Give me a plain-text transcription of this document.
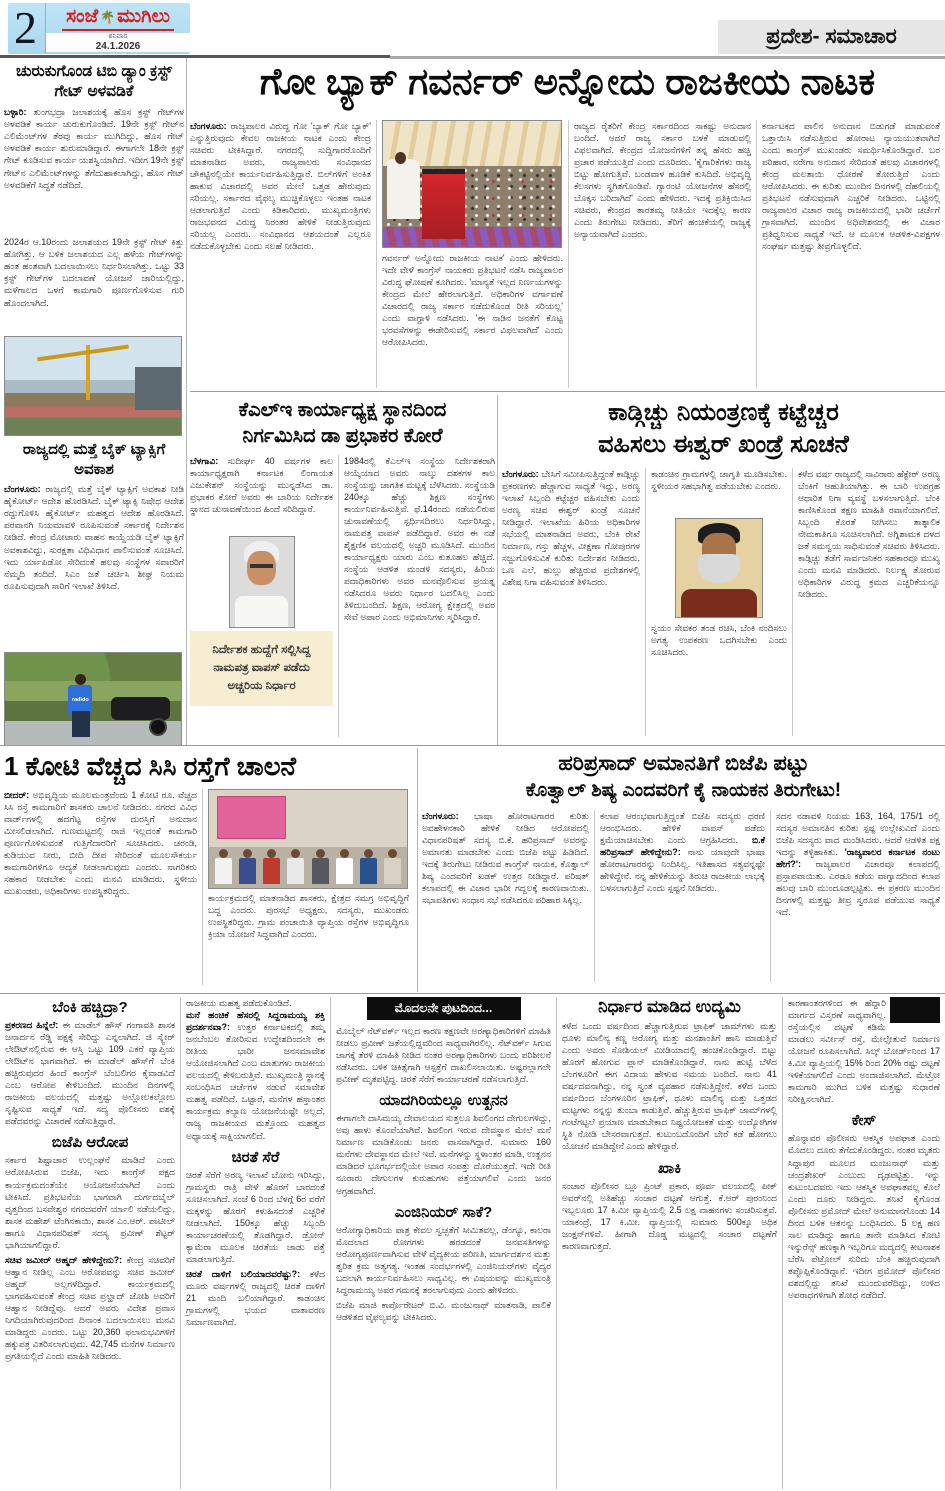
2	ಸಂಜೆ 🌴 ಮುಗಿಲು
ಶನಿವಾರ
24.1.2026	ಪ್ರದೇಶ- ಸಮಾಚಾರ
ಚುರುಕುಗೊಂಡ ಟಿಬಿ ಡ್ಯಾಂ ಕ್ರಸ್ಟ್ ಗೇಟ್ ಅಳವಡಿಕೆ
ಬಳ್ಳಾರಿ: ತುಂಗಭದ್ರಾ ಜಲಾಶಯಕ್ಕೆ ಹೊಸ ಕ್ರಸ್ಟ್ ಗೇಟ್‌ಗಳ ಅಳವಡಿಕೆ ಕಾರ್ಯ ಚುರುಕುಗೊಂಡಿದೆ. 19ನೇ ಕ್ರಸ್ಟ್ ಗೇಟ್‌ನ ಎಲಿಮೆಂಟ್‌ಗಳ ತೆರವು ಕಾರ್ಯ ಮುಗಿದಿದ್ದು, ಹೊಸ ಗೇಟ್ ಅಳವಡಿಕೆ ಕಾರ್ಯ ಶುರುಮಾಡಿದ್ದಾರೆ. ಈಗಾಗಲೇ 18ನೇ ಕ್ರಸ್ಟ್ ಗೇಟ್ ಕೂಡಿಸುವ ಕಾರ್ಯ ಯಶಸ್ವಿಯಾಗಿದೆ. ಇದೀಗ 19ನೇ ಕ್ರಸ್ಟ್ ಗೇಟ್‌ನ ಎಲಿಮೆಂಟ್‌ಗಳನ್ನು ತೆಗೆದುಹಾಕಲಾಗಿದ್ದು, ಹೊಸ ಗೇಟ್ ಅಳವಡಿಕೆಗೆ ಸಿದ್ಧತೆ ನಡೆದಿದೆ.
2024ರ ಆ.10ರಂದು ಜಲಾಶಯದ 19ನೇ ಕ್ರಸ್ಟ್ ಗೇಟ್ ಕಿತ್ತು ಹೋಗಿತ್ತು. ಆ ಬಳಿಕ ಜಲಾಶಯದ ಎಲ್ಲ ಹಳೆಯ ಗೇಟ್‌ಗಳನ್ನು ಹಂತ ಹಂತವಾಗಿ ಬದಲಾಯಿಸಲು ನಿರ್ಧರಿಸಲಾಗಿತ್ತು. ಒಟ್ಟು 33 ಕ್ರಸ್ಟ್ ಗೇಟ್‌ಗಳ ಬದಲಾವಣೆ ಯೋಜನೆ ಜಾರಿಯಲ್ಲಿದ್ದು, ಮಳೆಗಾಲದ ಒಳಗೆ ಕಾಮಗಾರಿ ಪೂರ್ಣಗೊಳಿಸುವ ಗುರಿ ಹೊಂದಲಾಗಿದೆ.
ರಾಜ್ಯದಲ್ಲಿ ಮತ್ತೆ ಬೈಕ್ ಟ್ಯಾಕ್ಸಿಗೆ ಅವಕಾಶ
ಬೆಂಗಳೂರು: ರಾಜ್ಯದಲ್ಲಿ ಮತ್ತೆ ಬೈಕ್ ಟ್ಯಾಕ್ಸಿಗೆ ಅವಕಾಶ ನೀಡಿ ಹೈಕೋರ್ಟ್ ಆದೇಶ ಹೊರಡಿಸಿದೆ. ಬೈಕ್ ಟ್ಯಾಕ್ಸಿ ನಿಷೇಧ ಆದೇಶ ರದ್ದುಗೊಳಿಸಿ ಹೈಕೋರ್ಟ್ ಮಹತ್ವದ ಆದೇಶ ಹೊರಡಿಸಿದೆ. ಪರವಾನಗಿ ನಿಯಮಾವಳಿ ರೂಪಿಸುವಂತೆ ಸರ್ಕಾರಕ್ಕೆ ನಿರ್ದೇಶನ ನೀಡಿದೆ. ಕೇಂದ್ರ ಮೋಟಾರು ವಾಹನ ಕಾಯ್ದೆಯಡಿ ಬೈಕ್ ಟ್ಯಾಕ್ಸಿಗೆ ಅವಕಾಶವಿದ್ದು, ಸುರಕ್ಷತಾ ವಿಧಿವಿಧಾನ ಪಾಲಿಸುವಂತೆ ಸೂಚಿಸಿದೆ. ಇದು ರ್ಯಾಪಿಡೋ ಸೇರಿದಂತೆ ಹಲವು ಸಂಸ್ಥೆಗಳ ಸವಾರರಿಗೆ ನೆಮ್ಮದಿ ತಂದಿದೆ. ಸಿಎಂ ಜತೆ ಚರ್ಚಿಸಿ ಶೀಘ್ರ ನಿಯಮ ರೂಪಿಸುವುದಾಗಿ ಸಾರಿಗೆ ಇಲಾಖೆ ತಿಳಿಸಿದೆ.
radido
ಗೋ ಬ್ಯಾಕ್ ಗವರ್ನರ್ ಅನ್ನೋದು ರಾಜಕೀಯ ನಾಟಕ
ಬೆಂಗಳೂರು: ರಾಜ್ಯಪಾಲರ ವಿರುದ್ಧ ಗೋ 'ಬ್ಯಾಕ್ ಗೋ ಬ್ಯಾಕ್' ಎನ್ನುತ್ತಿರುವುದು ಕೇವಲ ರಾಜಕೀಯ ನಾಟಕ ಎಂದು ಕೇಂದ್ರ ಸಚಿವರು ಟೀಕಿಸಿದ್ದಾರೆ. ನಗರದಲ್ಲಿ ಸುದ್ದಿಗಾರರೊಂದಿಗೆ ಮಾತನಾಡಿದ ಅವರು, ರಾಜ್ಯಪಾಲರು ಸಂವಿಧಾನದ ಚೌಕಟ್ಟಿನಲ್ಲಿಯೇ ಕಾರ್ಯನಿರ್ವಹಿಸುತ್ತಿದ್ದಾರೆ. ಬಿಲ್‌ಗಳಿಗೆ ಅಂಕಿತ ಹಾಕುವ ವಿಚಾರದಲ್ಲಿ ಅವರ ಮೇಲೆ ಒತ್ತಡ ಹೇರುವುದು ಸರಿಯಲ್ಲ. ಸರ್ಕಾರದ ವೈಫಲ್ಯ ಮುಚ್ಚಿಕೊಳ್ಳಲು ಇಂತಹ ನಾಟಕ ಆಡಲಾಗುತ್ತಿದೆ ಎಂದು ಕಿಡಿಕಾರಿದರು. ಮುಖ್ಯಮಂತ್ರಿಗಳು ರಾಜಭವನದ ವಿರುದ್ಧ ನಿರಂತರ ಹೇಳಿಕೆ ನೀಡುತ್ತಿರುವುದು ಸರಿಯಲ್ಲ ಎಂದರು. ಸಂವಿಧಾನದ ಆಶಯದಂತೆ ಎಲ್ಲರೂ ನಡೆದುಕೊಳ್ಳಬೇಕು ಎಂದು ಸಲಹೆ ನೀಡಿದರು.
ಗವರ್ನರ್ ಅನ್ನೋದು ರಾಜಕೀಯ ನಾಟಕ' ಎಂದು ಹೇಳಿದರು. ಇದೇ ವೇಳೆ ಕಾಂಗ್ರೆಸ್ ನಾಯಕರು ಪ್ರತಿಭಟನೆ ನಡೆಸಿ ರಾಜ್ಯಪಾಲರ ವಿರುದ್ಧ ಘೋಷಣೆ ಕೂಗಿದರು. 'ಮಾನ್ಯತೆ ಇಲ್ಲದ ನಿರ್ಣಯಗಳನ್ನು ಕೇಂದ್ರದ ಮೇಲೆ ಹೇರಲಾಗುತ್ತಿದೆ. ಅಧಿಕಾರಿಗಳ ವರ್ಗಾವಣೆ ವಿಚಾರದಲ್ಲಿ ರಾಜ್ಯ ಸರ್ಕಾರ ನಡೆದುಕೊಂಡ ರೀತಿ ಸರಿಯಲ್ಲ' ಎಂದು ವಾಗ್ದಾಳಿ ನಡೆಸಿದರು. 'ಈ ನಾಡಿನ ಜನತೆಗೆ ಕೊಟ್ಟ ಭರವಸೆಗಳನ್ನು ಈಡೇರಿಸುವಲ್ಲಿ ಸರ್ಕಾರ ವಿಫಲವಾಗಿದೆ' ಎಂದು ಆರೋಪಿಸಿದರು.
ರಾಜ್ಯದ ರೈತರಿಗೆ ಕೇಂದ್ರ ಸರ್ಕಾರದಿಂದ ಸಾಕಷ್ಟು ಅನುದಾನ ಬಂದಿದೆ. ಆದರೆ ರಾಜ್ಯ ಸರ್ಕಾರ ಬಳಕೆ ಮಾಡುವಲ್ಲಿ ವಿಫಲವಾಗಿದೆ. ಕೇಂದ್ರದ ಯೋಜನೆಗಳಿಗೆ ತನ್ನ ಹೆಸರು ಹಚ್ಚಿ ಪ್ರಚಾರ ಪಡೆಯುತ್ತಿದೆ ಎಂದು ದೂರಿದರು. 'ಕೈಗಾರಿಕೆಗಳು ರಾಜ್ಯ ಬಿಟ್ಟು ಹೋಗುತ್ತಿವೆ. ಬಂಡವಾಳ ಹೂಡಿಕೆ ಕುಸಿದಿದೆ. ಅಭಿವೃದ್ಧಿ ಕೆಲಸಗಳು ಸ್ಥಗಿತಗೊಂಡಿವೆ. ಗ್ಯಾರಂಟಿ ಯೋಜನೆಗಳ ಹೆಸರಲ್ಲಿ ಬೊಕ್ಕಸ ಬರಿದಾಗಿದೆ' ಎಂದು ಹೇಳಿದರು. ಇದಕ್ಕೆ ಪ್ರತಿಕ್ರಿಯಿಸಿದ ಸಚಿವರು, ಕೇಂದ್ರದ ತಾರತಮ್ಯ ನೀತಿಯೇ ಇದಕ್ಕೆಲ್ಲ ಕಾರಣ ಎಂದು ತಿರುಗೇಟು ನೀಡಿದರು. ತೆರಿಗೆ ಹಂಚಿಕೆಯಲ್ಲಿ ರಾಜ್ಯಕ್ಕೆ ಅನ್ಯಾಯವಾಗಿದೆ ಎಂದರು.
ಕರ್ನಾಟಕದ ಪಾಲಿನ ಅನುದಾನ ಬಿಡುಗಡೆ ಮಾಡುವಂತೆ ಒತ್ತಾಯಿಸಿ ನಡೆಸುತ್ತಿರುವ ಹೋರಾಟ ನ್ಯಾಯಯುತವಾಗಿದೆ ಎಂದು ಕಾಂಗ್ರೆಸ್ ಮುಖಂಡರು ಸಮರ್ಥಿಸಿಕೊಂಡಿದ್ದಾರೆ. ಬರ ಪರಿಹಾರ, ನರೇಗಾ ಅನುದಾನ ಸೇರಿದಂತೆ ಹಲವು ವಿಚಾರಗಳಲ್ಲಿ ಕೇಂದ್ರ ಮಲತಾಯಿ ಧೋರಣೆ ತೋರುತ್ತಿದೆ ಎಂದು ಆರೋಪಿಸಿದರು. ಈ ಕುರಿತು ಮುಂದಿನ ದಿನಗಳಲ್ಲಿ ದೆಹಲಿಯಲ್ಲಿ ಪ್ರತಿಭಟನೆ ನಡೆಸುವುದಾಗಿ ಎಚ್ಚರಿಕೆ ನೀಡಿದರು. ಒಟ್ಟಿನಲ್ಲಿ ರಾಜ್ಯಪಾಲರ ವಿಚಾರ ರಾಜ್ಯ ರಾಜಕೀಯದಲ್ಲಿ ಭಾರೀ ಚರ್ಚೆಗೆ ಗ್ರಾಸವಾಗಿದೆ. ಮುಂದಿನ ಅಧಿವೇಶನದಲ್ಲಿ ಈ ವಿಚಾರ ಪ್ರತಿಧ್ವನಿಸುವ ಸಾಧ್ಯತೆ ಇದೆ. ಆ ಮೂಲಕ ಆಡಳಿತ-ವಿಪಕ್ಷಗಳ ಸಂಘರ್ಷ ಮತ್ತಷ್ಟು ತೀವ್ರಗೊಳ್ಳಲಿದೆ.
ಕೆಎಲ್ಇ ಕಾರ್ಯಾಧ್ಯಕ್ಷ ಸ್ಥಾನದಿಂದ
ನಿರ್ಗಮಿಸಿದ ಡಾ ಪ್ರಭಾಕರ ಕೋರೆ
ಬೆಳಗಾವಿ: ಸುದೀರ್ಘ 40 ವರ್ಷಗಳ ಕಾಲ ಕಾರ್ಯಾಧ್ಯಕ್ಷರಾಗಿ ಕರ್ನಾಟಕ ಲಿಂಗಾಯತ ಎಜುಕೇಶನ್ ಸಂಸ್ಥೆಯನ್ನು ಮುನ್ನಡೆಸಿದ ಡಾ. ಪ್ರಭಾಕರ ಕೋರೆ ಅವರು ಈ ಬಾರಿಯ ನಿರ್ದೇಶಕ ಸ್ಥಾನದ ಚುನಾವಣೆಯಿಂದ ಹಿಂದೆ ಸರಿದಿದ್ದಾರೆ.
ನಿರ್ದೇಶಕ ಹುದ್ದೆಗೆ ಸಲ್ಲಿಸಿದ್ದ ನಾಮಪತ್ರ ವಾಪಸ್ ಪಡೆದು ಅಚ್ಚರಿಯ ನಿರ್ಧಾರ
1984ರಲ್ಲಿ ಕೆಎಲ್ಇ ಸಂಸ್ಥೆಯ ನಿರ್ದೇಶಕರಾಗಿ ಆಯ್ಕೆಯಾದ ಅವರು ನಾಲ್ಕು ದಶಕಗಳ ಕಾಲ ಸಂಸ್ಥೆಯನ್ನು ಜಾಗತಿಕ ಮಟ್ಟಕ್ಕೆ ಬೆಳೆಸಿದರು. ಸಂಸ್ಥೆಯಡಿ 240ಕ್ಕೂ ಹೆಚ್ಚು ಶಿಕ್ಷಣ ಸಂಸ್ಥೆಗಳು ಕಾರ್ಯನಿರ್ವಹಿಸುತ್ತಿವೆ. ಫೆ.14ರಂದು ನಡೆಯಲಿರುವ ಚುನಾವಣೆಯಲ್ಲಿ ಸ್ಪರ್ಧಿಸದಿರಲು ನಿರ್ಧರಿಸಿದ್ದು, ನಾಮಪತ್ರ ವಾಪಸ್ ಪಡೆದಿದ್ದಾರೆ. ಅವರ ಈ ನಡೆ ಶೈಕ್ಷಣಿಕ ವಲಯದಲ್ಲಿ ಅಚ್ಚರಿ ಮೂಡಿಸಿದೆ. ಮುಂದಿನ ಕಾರ್ಯಾಧ್ಯಕ್ಷರು ಯಾರು ಎಂಬ ಕುತೂಹಲ ಹೆಚ್ಚಿದೆ. ಸಂಸ್ಥೆಯ ಆಡಳಿತ ಮಂಡಳಿ ಸದಸ್ಯರು, ಹಿರಿಯ ಪದಾಧಿಕಾರಿಗಳು ಅವರ ಮನವೊಲಿಸುವ ಪ್ರಯತ್ನ ನಡೆಸಿದರೂ ಅವರು ನಿರ್ಧಾರ ಬದಲಿಸಿಲ್ಲ ಎಂದು ತಿಳಿದುಬಂದಿದೆ. ಶಿಕ್ಷಣ, ಆರೋಗ್ಯ ಕ್ಷೇತ್ರದಲ್ಲಿ ಅವರ ಸೇವೆ ಅಪಾರ ಎಂದು ಅಭಿಮಾನಿಗಳು ಸ್ಮರಿಸಿದ್ದಾರೆ.
ಕಾಡ್ಗಿಚ್ಚು ನಿಯಂತ್ರಣಕ್ಕೆ ಕಟ್ಟೆಚ್ಚರ
ವಹಿಸಲು ಈಶ್ವರ್ ಖಂಡ್ರೆ ಸೂಚನೆ
ಬೆಂಗಳೂರು: ಬೇಸಿಗೆ ಸಮೀಪಿಸುತ್ತಿದ್ದಂತೆ ಕಾಡ್ಗಿಚ್ಚು ಪ್ರಕರಣಗಳು ಹೆಚ್ಚಾಗುವ ಸಾಧ್ಯತೆ ಇದ್ದು, ಅರಣ್ಯ ಇಲಾಖೆ ಸಿಬ್ಬಂದಿ ಕಟ್ಟೆಚ್ಚರ ವಹಿಸಬೇಕು ಎಂದು ಅರಣ್ಯ ಸಚಿವ ಈಶ್ವರ್ ಖಂಡ್ರೆ ಸೂಚನೆ ನೀಡಿದ್ದಾರೆ. ಇಲಾಖೆಯ ಹಿರಿಯ ಅಧಿಕಾರಿಗಳ ಸಭೆಯಲ್ಲಿ ಮಾತನಾಡಿದ ಅವರು, ಬೆಂಕಿ ರೇಖೆ ನಿರ್ಮಾಣ, ಗಸ್ತು ಹೆಚ್ಚಳ, ವೀಕ್ಷಣಾ ಗೋಪುರಗಳ ಸಜ್ಜುಗೊಳಿಸುವಿಕೆ ಕುರಿತು ನಿರ್ದೇಶನ ನೀಡಿದರು. ಒಣ ಎಲೆ, ಹುಲ್ಲು ಹೆಚ್ಚಿರುವ ಪ್ರದೇಶಗಳಲ್ಲಿ ವಿಶೇಷ ನಿಗಾ ವಹಿಸುವಂತೆ ತಿಳಿಸಿದರು.
ಕಾಡಂಚಿನ ಗ್ರಾಮಗಳಲ್ಲಿ ಜಾಗೃತಿ ಮೂಡಿಸಬೇಕು. ಸ್ಥಳೀಯರ ಸಹಭಾಗಿತ್ವ ಪಡೆಯಬೇಕು ಎಂದರು.
ಸ್ವಯಂ ಸೇವಕರ ತಂಡ ರಚಿಸಿ, ಬೆಂಕಿ ನಂದಿಸಲು ಅಗತ್ಯ ಉಪಕರಣ ಒದಗಿಸಬೇಕು ಎಂದು ಸೂಚಿಸಿದರು.
ಕಳೆದ ವರ್ಷ ರಾಜ್ಯದಲ್ಲಿ ಸಾವಿರಾರು ಹೆಕ್ಟೇರ್ ಅರಣ್ಯ ಬೆಂಕಿಗೆ ಆಹುತಿಯಾಗಿತ್ತು. ಈ ಬಾರಿ ಉಪಗ್ರಹ ಆಧಾರಿತ ನಿಗಾ ವ್ಯವಸ್ಥೆ ಬಳಸಲಾಗುತ್ತಿದೆ. ಬೆಂಕಿ ಕಾಣಿಸಿಕೊಂಡ ತಕ್ಷಣ ಮಾಹಿತಿ ರವಾನೆಯಾಗಲಿದೆ. ಸಿಬ್ಬಂದಿ ಕೊರತೆ ನೀಗಿಸಲು ತಾತ್ಕಾಲಿಕ ನೇಮಕಾತಿಗೂ ಸೂಚಿಸಲಾಗಿದೆ. ಅಗ್ನಿಶಾಮಕ ದಳದ ಜತೆ ಸಮನ್ವಯ ಸಾಧಿಸುವಂತೆ ಸಚಿವರು ತಿಳಿಸಿದರು. ಕಾಡ್ಗಿಚ್ಚು ತಡೆಗೆ ಸಾರ್ವಜನಿಕರ ಸಹಕಾರವೂ ಮುಖ್ಯ ಎಂದು ಮನವಿ ಮಾಡಿದರು. ನಿರ್ಲಕ್ಷ್ಯ ತೋರುವ ಅಧಿಕಾರಿಗಳ ವಿರುದ್ಧ ಕ್ರಮದ ಎಚ್ಚರಿಕೆಯನ್ನೂ ನೀಡಿದರು.
1 ಕೋಟಿ ವೆಚ್ಚದ ಸಿಸಿ ರಸ್ತೆಗೆ ಚಾಲನೆ
ಬೀದರ್: ಅಭಿವೃದ್ಧಿಯ ಮೂಲಮಂತ್ರವೆಂದು 1 ಕೋಟಿ ರೂ. ವೆಚ್ಚದ ಸಿಸಿ ರಸ್ತೆ ಕಾಮಗಾರಿಗೆ ಶಾಸಕರು ಚಾಲನೆ ನೀಡಿದರು. ನಗರದ ವಿವಿಧ ವಾರ್ಡ್‌ಗಳಲ್ಲಿ ಹದಗೆಟ್ಟ ರಸ್ತೆಗಳ ದುರಸ್ತಿಗೆ ಅನುದಾನ ಮೀಸಲಿಡಲಾಗಿದೆ. ಗುಣಮಟ್ಟದಲ್ಲಿ ರಾಜಿ ಇಲ್ಲದಂತೆ ಕಾಮಗಾರಿ ಪೂರ್ಣಗೊಳಿಸುವಂತೆ ಗುತ್ತಿಗೆದಾರರಿಗೆ ಸೂಚಿಸಿದರು. ಚರಂಡಿ, ಕುಡಿಯುವ ನೀರು, ಬೀದಿ ದೀಪ ಸೇರಿದಂತೆ ಮೂಲಸೌಕರ್ಯ ಕಾಮಗಾರಿಗಳಿಗೂ ಆದ್ಯತೆ ನೀಡಲಾಗುವುದು ಎಂದರು. ನಾಗರಿಕರು ಸಹಕಾರ ನೀಡಬೇಕು ಎಂದು ಮನವಿ ಮಾಡಿದರು. ಸ್ಥಳೀಯ ಮುಖಂಡರು, ಅಧಿಕಾರಿಗಳು ಉಪಸ್ಥಿತರಿದ್ದರು.
ಕಾರ್ಯಕ್ರಮದಲ್ಲಿ ಮಾತನಾಡಿದ ಶಾಸಕರು, ಕ್ಷೇತ್ರದ ಸಮಗ್ರ ಅಭಿವೃದ್ಧಿಗೆ ಬದ್ಧ ಎಂದರು. ಪುರಸಭೆ ಅಧ್ಯಕ್ಷರು, ಸದಸ್ಯರು, ಮುಖಂಡರು ಉಪಸ್ಥಿತರಿದ್ದರು. ಗ್ರಾಮ ಪಂಚಾಯಿತಿ ವ್ಯಾಪ್ತಿಯ ರಸ್ತೆಗಳ ಅಭಿವೃದ್ಧಿಗೂ ಕ್ರಿಯಾ ಯೋಜನೆ ಸಿದ್ಧವಾಗಿದೆ ಎಂದರು.
ಹರಿಪ್ರಸಾದ್ ಅಮಾನತಿಗೆ ಬಿಜೆಪಿ ಪಟ್ಟು
ಕೊತ್ವಾಲ್ ಶಿಷ್ಯ ಎಂದವರಿಗೆ ಕೈ ನಾಯಕನ ತಿರುಗೇಟು!
ಬೆಂಗಳೂರು: ಭಾಷಾ ಹೋರಾಟಗಾರರ ಕುರಿತು ಅವಹೇಳನಕಾರಿ ಹೇಳಿಕೆ ನೀಡಿದ ಆರೋಪದಲ್ಲಿ ವಿಧಾನಪರಿಷತ್ ಸದಸ್ಯ ಬಿ.ಕೆ. ಹರಿಪ್ರಸಾದ್ ಅವರನ್ನು ಅಮಾನತು ಮಾಡಬೇಕು ಎಂದು ಬಿಜೆಪಿ ಪಟ್ಟು ಹಿಡಿದಿದೆ. ಇದಕ್ಕೆ ತಿರುಗೇಟು ನೀಡಿರುವ ಕಾಂಗ್ರೆಸ್ ನಾಯಕ, ಕೊತ್ವಾಲ್ ಶಿಷ್ಯ ಎಂದವರಿಗೆ ಖಡಕ್ ಉತ್ತರ ನೀಡಿದ್ದಾರೆ. ಪರಿಷತ್ ಕಲಾಪದಲ್ಲಿ ಈ ವಿಚಾರ ಭಾರೀ ಗದ್ದಲಕ್ಕೆ ಕಾರಣವಾಯಿತು. ಸಭಾಪತಿಗಳು ಸಂಧಾನ ಸಭೆ ನಡೆಸಿದರೂ ಪರಿಹಾರ ಸಿಕ್ಕಿಲ್ಲ.
ಕಲಾಪ ಆರಂಭವಾಗುತ್ತಿದ್ದಂತೆ ಬಿಜೆಪಿ ಸದಸ್ಯರು ಧರಣಿ ಆರಂಭಿಸಿದರು. ಹೇಳಿಕೆ ವಾಪಸ್ ಪಡೆದು ಕ್ಷಮೆಯಾಚಿಸಬೇಕು ಎಂದು ಆಗ್ರಹಿಸಿದರು. ಬಿ.ಕೆ ಹರಿಪ್ರಸಾದ್ ಹೇಳಿದ್ದೇನು?: ನಾನು ಯಾವುದೇ ಭಾಷಾ ಹೋರಾಟಗಾರರನ್ನು ನಿಂದಿಸಿಲ್ಲ. ಇತಿಹಾಸದ ಸತ್ಯವನ್ನಷ್ಟೇ ಹೇಳಿದ್ದೇನೆ. ನನ್ನ ಹೇಳಿಕೆಯನ್ನು ತಿರುಚಿ ರಾಜಕೀಯ ಲಾಭಕ್ಕೆ ಬಳಸಲಾಗುತ್ತಿದೆ ಎಂದು ಸ್ಪಷ್ಟನೆ ನೀಡಿದರು.
ಸದನ ನಡಾವಳಿ ನಿಯಮ 163, 164, 175/1 ರಲ್ಲಿ ಸದಸ್ಯರ ಅಮಾನತಿನ ಕುರಿತು ಸ್ಪಷ್ಟ ಉಲ್ಲೇಖವಿದೆ ಎಂದು ಬಿಜೆಪಿ ಸದಸ್ಯರು ವಾದ ಮಂಡಿಸಿದರು. ಆದರೆ ಆಡಳಿತ ಪಕ್ಷ ಇದನ್ನು ತಳ್ಳಿಹಾಕಿತು. 'ರಾಜ್ಯಪಾಲರ ಕರ್ನಾಟಕ ನಂಟು ಹೇಗೆ?': ರಾಜ್ಯಪಾಲರ ವಿಚಾರವೂ ಕಲಾಪದಲ್ಲಿ ಪ್ರಸ್ತಾಪವಾಯಿತು. ಎರಡೂ ಕಡೆಯ ವಾಗ್ವಾದದಿಂದ ಕಲಾಪ ಹಲವು ಬಾರಿ ಮುಂದೂಡಲ್ಪಟ್ಟಿತು. ಈ ಪ್ರಕರಣ ಮುಂದಿನ ದಿನಗಳಲ್ಲಿ ಮತ್ತಷ್ಟು ತೀವ್ರ ಸ್ವರೂಪ ಪಡೆಯುವ ಸಾಧ್ಯತೆ ಇದೆ.
ಬೆಂಕಿ ಹಚ್ಚಿದ್ರಾ?
ಪ್ರಕರಣದ ಹಿನ್ನೆಲೆ: ಈ ಮಾಡೆಲ್ ಹೌಸ್ ಗಂಗಾವತಿ ಶಾಸಕ ಜನಾರ್ದನ ರೆಡ್ಡಿ ಪಕ್ಷಕ್ಕೆ ಸೇರಿದ್ದು ಎನ್ನಲಾಗಿದೆ. ಜಿ ಸ್ಕ್ವೇರ್ ಲೇಔಟ್‌ನಲ್ಲಿರುವ ಈ ಆಸ್ತಿ ಒಟ್ಟು 109 ಎಕರೆ ವ್ಯಾಪ್ತಿಯ ಲೇಔಟ್‌ನ ಭಾಗವಾಗಿದೆ. ಈ ಮಾಡೆಲ್ ಹೌಸ್‌ಗೆ ಬೆಂಕಿ ಹಚ್ಚಿರುವುದರ ಹಿಂದೆ ಕಾಂಗ್ರೆಸ್ ಬೆಂಬಲಿಗರ ಕೈವಾಡವಿದೆ ಎಂಬ ಆರೋಪ ಕೇಳಿಬಂದಿದೆ. ಮುಂದಿನ ದಿನಗಳಲ್ಲಿ ರಾಜಕೀಯ ವಲಯದಲ್ಲಿ ಮತ್ತಷ್ಟು ಅಲ್ಲೋಲಕಲ್ಲೋಲ ಸೃಷ್ಟಿಸುವ ಸಾಧ್ಯತೆ ಇದೆ. ಸದ್ಯ ಪೊಲೀಸರು ವಶಕ್ಕೆ ಪಡೆದವರನ್ನು ವಿಚಾರಣೆ ನಡೆಸುತ್ತಿದ್ದಾರೆ.
ಬಿಜೆಪಿ ಆರೋಪ
ಸರ್ಕಾರ ಶಿಷ್ಟಾಚಾರ ಉಲ್ಲಂಘನೆ ಮಾಡಿದೆ ಎಂದು ಆರೋಪಿಸಿರುವ ಬಿಜೆಪಿ, ಇದು ಕಾಂಗ್ರೆಸ್ ಪಕ್ಷದ ಕಾರ್ಯಕ್ರಮದಂತೆಯೇ ಆಯೋಜನೆಯಾಗಿದೆ ಎಂದು ಟೀಕಿಸಿದೆ. ಪ್ರತಿಭಟನೆಯ ಭಾಗವಾಗಿ ದುರ್ಗದಬೈಲ್ ವೃತ್ತದಿಂದ ಬಸವೇಶ್ವರ ನಗರದವರೆಗೆ ರ್ಯಾಲಿ ನಡೆಯಲಿದ್ದು, ಶಾಸಕ ಮಹೇಶ್ ಟೆಂಗಿನಕಾಯಿ, ಶಾಸಕ ಎಂ.ಆರ್. ಪಾಟೀಲ್ ಹಾಗೂ ವಿಧಾನಪರಿಷತ್ ಸದಸ್ಯ ಪ್ರವೀಣ್ ಶೆಟ್ಟರ್ ಭಾಗಿಯಾಗಲಿದ್ದಾರೆ.
ಸಚಿವ ಜಮೀರ್ ಅಹ್ಮದ್ ಹೇಳಿದ್ದೇನು?: ಕೇಂದ್ರ ಸಚಿವರಿಗೆ ಆಹ್ವಾನ ನೀಡಿಲ್ಲ ಎಂಬ ಆರೋಪವನ್ನು ಸಚಿವ ಜಮೀರ್ ಅಹ್ಮದ್ ಅಲ್ಲಗಳೆದಿದ್ದಾರೆ. ಕಾರ್ಯಕ್ರಮದಲ್ಲಿ ಭಾಗವಹಿಸುವಂತೆ ಕೇಂದ್ರ ಸಚಿವ ಪ್ರಲ್ಹಾದ್ ಜೋಶಿ ಅವರಿಗೆ ಆಹ್ವಾನ ನೀಡಿದ್ದೆವು. ಆದರೆ ಅವರು ವಿದೇಶ ಪ್ರವಾಸ ನಿಗದಿಯಾಗಿರುವುದರಿಂದ ದಿನಾಂಕ ಬದಲಾಯಿಸಲು ಮನವಿ ಮಾಡಿದ್ದರು ಎಂದರು. ಒಟ್ಟು 20,360 ಫಲಾನುಭವಿಗಳಿಗೆ ಹಕ್ಕುಪತ್ರ ವಿತರಿಸಲಾಗುವುದು. 42,745 ಮನೆಗಳ ನಿರ್ಮಾಣ ಪ್ರಗತಿಯಲ್ಲಿದೆ ಎಂದು ಮಾಹಿತಿ ನೀಡಿದರು.
ರಾಜಕೀಯ ಮಹತ್ವ ಪಡೆದುಕೊಂಡಿದೆ.
ಮನೆ ಹಂಚಿಕೆ ಹೆಸರಲ್ಲಿ ಸಿದ್ದರಾಮಯ್ಯ ಶಕ್ತಿ ಪ್ರದರ್ಶನವಾ?: ಉತ್ತರ ಕರ್ನಾಟಕದಲ್ಲಿ ತಮ್ಮ ಜನಬೆಂಬಲ ತೋರಿಸುವ ಉದ್ದೇಶದಿಂದಲೇ ಈ ರೀತಿಯ ಭಾರೀ ಜನಸಮಾವೇಶ ಆಯೋಜಿಸಲಾಗಿದೆ ಎಂಬ ಮಾತುಗಳು ರಾಜಕೀಯ ವಲಯದಲ್ಲಿ ಕೇಳಿಬರುತ್ತಿವೆ. ಮುಖ್ಯಮಂತ್ರಿ ಸ್ಥಾನಕ್ಕೆ ಸಂಬಂಧಿಸಿದ ಚರ್ಚೆಗಳ ನಡುವೆ ಸಮಾವೇಶ ಮಹತ್ವ ಪಡೆದಿದೆ. ಒಟ್ಟಾರೆ, ಮನೆಗಳ ಹಸ್ತಾಂತರ ಕಾರ್ಯಕ್ರಮ ಕಲ್ಯಾಣ ಯೋಜನೆಯಷ್ಟೇ ಅಲ್ಲದೆ, ರಾಜ್ಯ ರಾಜಕೀಯದ ಮತ್ತೊಂದು ಮಹತ್ವದ ಅಧ್ಯಾಯಕ್ಕೆ ಸಾಕ್ಷಿಯಾಗಲಿದೆ.
ಚಿರತೆ ಸೆರೆ
ಚಿರತೆ ಸೆರೆಗೆ ಅರಣ್ಯ ಇಲಾಖೆ ಬೋನು ಇರಿಸಿದ್ದು, ಗ್ರಾಮಸ್ಥರು ರಾತ್ರಿ ವೇಳೆ ಹೊರಗೆ ಬಾರದಂತೆ ಸೂಚಿಸಲಾಗಿದೆ. ಸಂಜೆ 6 ರಿಂದ ಬೆಳಗ್ಗೆ 6ರ ವರೆಗೆ ಮಕ್ಕಳನ್ನು ಹೊರಗೆ ಕಳುಹಿಸದಂತೆ ಎಚ್ಚರಿಕೆ ನೀಡಲಾಗಿದೆ. 150ಕ್ಕೂ ಹೆಚ್ಚು ಸಿಬ್ಬಂದಿ ಕಾರ್ಯಾಚರಣೆಯಲ್ಲಿ ತೊಡಗಿದ್ದಾರೆ. ಡ್ರೋನ್ ಕ್ಯಾಮೆರಾ ಮೂಲಕ ಚಿರತೆಯ ಜಾಡು ಪತ್ತೆ ಮಾಡಲಾಗುತ್ತಿದೆ.
ಚಿರತೆ ದಾಳಿಗೆ ಬಲಿಯಾದವರೆಷ್ಟು?: ಕಳೆದ ಮೂರು ವರ್ಷಗಳಲ್ಲಿ ರಾಜ್ಯದಲ್ಲಿ ಚಿರತೆ ದಾಳಿಗೆ 21 ಮಂದಿ ಬಲಿಯಾಗಿದ್ದಾರೆ. ಕಾಡಂಚಿನ ಗ್ರಾಮಗಳಲ್ಲಿ ಭಯದ ವಾತಾವರಣ ನಿರ್ಮಾಣವಾಗಿದೆ.
ಮೊದಲನೇ ಪುಟದಿಂದ...
ಮೊಬೈಲ್ ನೆಟ್‌ವರ್ಕ್ ಇಲ್ಲದ ಕಾರಣ ತಕ್ಷಣವೇ ಅರಣ್ಯಾಧಿಕಾರಿಗಳಿಗೆ ಮಾಹಿತಿ ನೀಡಲು ಪ್ರವೀಣ್ ಜತೆಯಲ್ಲಿದ್ದವರಿಂದ ಸಾಧ್ಯವಾಗಿರಲಿಲ್ಲ. ನೆಟ್‌ವರ್ಕ್ ಸಿಗುವ ಜಾಗಕ್ಕೆ ತೆರಳಿ ಮಾಹಿತಿ ನೀಡಿದ ನಂತರ ಅರಣ್ಯಾಧಿಕಾರಿಗಳು ಬಂದು ಪರಿಶೀಲನೆ ನಡೆಸಿದರು. ಬಳಿಕ ಚಿಕಿತ್ಸೆಗಾಗಿ ಆಸ್ಪತ್ರೆಗೆ ದಾಖಲಿಸಲಾಯಿತು. ಅಷ್ಟರಲ್ಲಾಗಲೇ ಪ್ರವೀಣ್ ಮೃತಪಟ್ಟಿದ್ದ. ಚಿರತೆ ಸೆರೆಗೆ ಕಾರ್ಯಾಚರಣೆ ನಡೆಸಲಾಗುತ್ತಿದೆ.
ಯಾದಗಿರಿಯಲ್ಲೂ ಉತ್ಖನನ
ಈಗಾಗಲೇ ದಾಸಿಮಯ್ಯ ದೇವಾಲಯದ ಸುತ್ತಲೂ ಶಿವಲಿಂಗದ ದೇಗುಲಗಳಿದ್ದು, ಅವು ಹಾಳು ಕೊಂಪೆಯಾಗಿವೆ. ಶಿವಲಿಂಗ ಇರುವ ದೇವಸ್ಥಾನ ಮೇಲೆ ಮನೆ ನಿರ್ಮಾಣ ಮಾಡಿಕೊಂಡು ಜನರು ವಾಸವಾಗಿದ್ದಾರೆ. ಸುಮಾರು 160 ಮನೆಗಳು ದೇವಸ್ಥಾನದ ಮೇಲೆ ಇವೆ. ಮನೆಗಳನ್ನು ಸ್ಥಳಾಂತರ ಮಾಡಿ, ಉತ್ಖನನ ಮಾಡಿದರೆ ಭೂಗರ್ಭದಲ್ಲಿಯೇ ಅಪಾರ ಸಂಪತ್ತು ದೊರೆಯುತ್ತದೆ. ಇದೇ ರೀತಿ ನೂರಾರು ದೇಗುಲಗಳ ಕುರುಹುಗಳು ಪತ್ತೆಯಾಗಲಿವೆ ಎಂದು ಜನರ ಆಗ್ರಹವಾಗಿದೆ.
ಎಂಜಿನಿಯರ್ ಸಾಕೆ?
ಆರೋಗ್ಯಾಧಿಕಾರಿಯ ಪಾತ್ರ ಕೇವಲ ಸ್ವಚ್ಛತೆಗೆ ಸೀಮಿತವಲ್ಲ, ಡೆಂಗ್ಯೂ, ಕಾಲರಾ ಮೊದಲಾದ ರೋಗಗಳು ಹರಡದಂತೆ ಜನವಸತಿಗಳನ್ನು ಆರೋಗ್ಯಪೂರ್ಣವಾಗಿಸುವ ವೇಳೆ ವೈದ್ಯಕೀಯ ಪರಿಣತಿ, ಮಾರ್ಗದರ್ಶನ ಮತ್ತು ತ್ವರಿತ ಕ್ರಮ ಅತ್ಯಗತ್ಯ. ಇಂತಹ ಸಂದರ್ಭಗಳಲ್ಲಿ ಎಂಜಿನಿಯರ್‌ಗಳು ವೈದ್ಯರ ಬದಲಾಗಿ ಕಾರ್ಯನಿರ್ವಹಿಸಲು ಸಾಧ್ಯವಿಲ್ಲ. ಈ ವಿಷಯವನ್ನು ಮುಖ್ಯಮಂತ್ರಿ ಸಿದ್ದರಾಮಯ್ಯ ಅವರ ಗಮನಕ್ಕೆ ತರಲಾಗುವುದು ಎಂದು ಹೇಳಿದರು.
ಬಿಜೆಪಿ ಮಾಜಿ ಕಾರ್ಪೊರೇಟರ್ ಬಿ.ವಿ. ಮಂಜುನಾಥ್ ಮಾತನಾಡಿ, ಪಾಲಿಕೆ ಆಡಳಿತದ ವೈಫಲ್ಯವನ್ನು ಟೀಕಿಸಿದರು.
ನಿರ್ಧಾರ ಮಾಡಿದ ಉದ್ಯಮಿ
ಕಳೆದ ಒಂದು ವರ್ಷದಿಂದ ಹೆಚ್ಚಾಗುತ್ತಿರುವ ಟ್ರಾಫಿಕ್ ಜಾಮ್‌ಗಳು ಮತ್ತು ಧೂಳು ಮಾಲಿನ್ಯ ಕಣ್ಣ ಆರೋಗ್ಯ ಮತ್ತು ಮನಶಾಂತಿಗೆ ಹಾನಿ ಮಾಡುತ್ತಿವೆ ಎಂದು ಅವರು ಸೋಶಿಯಲ್ ಮೀಡಿಯಾದಲ್ಲಿ ಹಂಚಿಕೊಂಡಿದ್ದಾರೆ. ಬಿಟ್ಟು ಹೊರಗೆ ಹೋಗುವ ಪ್ಲಾನ್ ಮಾಡಿಕೊಂಡಿದ್ದಾರೆ. ನಾನು ಹುಟ್ಟಿ ಬೆಳೆದ ಬೆಂಗಳೂರಿಗೆ ಈಗ ವಿದಾಯ ಹೇಳುವ ಸಮಯ ಬಂದಿದೆ. ನಾನು 41 ವರ್ಷದವನಾಗಿದ್ದು, ನನ್ನ ಸ್ವಂತ ವ್ಯವಹಾರ ನಡೆಸುತ್ತಿದ್ದೇನೆ. ಕಳೆದ ಒಂದು ವರ್ಷದಿಂದ ಬೆಂಗಳೂರಿನ ಟ್ರಾಫಿಕ್, ಧೂಳು ಮಾಲಿನ್ಯ ಮತ್ತು ಒತ್ತಡದ ಮಟ್ಟಗಳು ನನ್ನನ್ನು ತುಂಬಾ ಕಾಡುತ್ತಿವೆ. ಹೆಚ್ಚುತ್ತಿರುವ ಟ್ರಾಫಿಕ್ ಜಾಮ್‌ಗಳಲ್ಲಿ ಗಂಟೆಗಟ್ಟಲೆ ಪ್ರಯಾಣ ಮಾಡಬೇಕಾದ ನಿಷ್ಪ್ರಯೋಜಕತೆ ಮತ್ತು ಉದ್ಯೋಗಿಗಳ ಸ್ಥಿತಿ ನೋಡಿ ಬೇಸರವಾಗುತ್ತದೆ. ಕುಟುಂಬದೊಂದಿಗೆ ಬೇರೆ ಕಡೆ ಹೋಗಲು ಯೋಚನೆ ಮಾಡಿದ್ದೇನೆ ಎಂದು ಹೇಳಿದ್ದಾರೆ.
ಖಾಕಿ
ಸಂಚಾರ ಪೊಲೀಸರ ಬ್ಲೂ ಪ್ರಿಂಟ್ ಪ್ರಕಾರ, ಪೂರ್ವ ವಲಯದಲ್ಲಿ ಪೀಕ್ ಅವರ್‌ನಲ್ಲಿ ಅತಿಹೆಚ್ಚು ಸಂಚಾರ ದಟ್ಟಣೆ ಆಗುತ್ತೆ. ಕೆ.ಆರ್ ಪುರಂನಿಂದ ಇಬ್ಬಲೂರು 17 ಕಿ.ಮೀ ವ್ಯಾಪ್ತಿಯಲ್ಲಿ 2.5 ಲಕ್ಷ ವಾಹನಗಳು ಸಂಚರಿಸುತ್ತವೆ. ಯಾಕಂದ್ರೆ, 17 ಕಿ.ಮೀ. ವ್ಯಾಪ್ತಿಯಲ್ಲಿ ಸುಮಾರು 500ಕ್ಕೂ ಅಧಿಕ ಜಂಕ್ಷನ್‌ಗಳಿವೆ. ಹೀಗಾಗಿ ದೊಡ್ಡ ಮಟ್ಟದಲ್ಲಿ ಸಂಚಾರ ದಟ್ಟಣೆಗೆ ಕಾರಣವಾಗುತ್ತದೆ.
ಕಾರಣಾಂತರಗಳಿಂದ ಈ ಹೆದ್ದಾರಿ ಮಾರ್ಗದ ವಿಸ್ತರಣೆ ಸಾಧ್ಯವಾಗಿಲ್ಲ. ರಸ್ತೆಯಲ್ಲಿನ ದಟ್ಟಣೆ ಕಡಿಮೆ ಮಾಡಲು ಸರ್ವೀಸ್ ರಸ್ತೆ, ಮೇಲ್ಸೇತುವೆ ನಿರ್ಮಾಣ ಯೋಜನೆ ರೂಪಿಸಲಾಗಿದೆ. ಸಿಲ್ಕ್ ಬೋರ್ಡ್‌ನಿಂದ 17 ಕಿ.ಮೀ ವ್ಯಾಪ್ತಿಯಲ್ಲಿ 15% ರಿಂದ 20% ರಷ್ಟು ದಟ್ಟಣೆ ಇಳಿಕೆಯಾಗಲಿದೆ ಎಂದು ಅಂದಾಜಿಸಲಾಗಿದೆ. ಮೆಟ್ರೋ ಕಾಮಗಾರಿ ಮುಗಿದ ಬಳಿಕ ಮತ್ತಷ್ಟು ಸುಧಾರಣೆ ನಿರೀಕ್ಷಿಸಲಾಗಿದೆ.
ಕೇಸ್
ಹೊನ್ನಾವರ ಪೊಲೀಸರು ಆಕಸ್ಮಿಕ ಅಪಘಾತ ಎಂದು ಮೊದಲು ದೂರು ತೆಗೆದುಕೊಂಡಿದ್ದರು. ನಂತರ ಮೃತರು ಸಿದ್ದಾಪುರ ಮೂಲದ ಮಂಜುನಾಥ್ ಮತ್ತು ಚಂದ್ರಶೇಖರ್ ಎಂಬುದು ದೃಢಪಟ್ಟಿತ್ತು. ಇನ್ನು ಕುಟುಂಬದವರು ಇದು ಆಕಸ್ಮಿಕ ಅಪಘಾತವಲ್ಲ ಕೊಲೆ ಎಂದು ದೂರು ನೀಡಿದ್ದರು. ತನಿಖೆ ಕೈಗೊಂಡ ಪೊಲೀಸರು ಪ್ರಮೋದ್ ಮೇಲೆ ಅನುಮಾನಗೊಂಡು 14 ದಿನದ ಬಳಿಕ ಆತನನ್ನು ಬಂಧಿಸಿದರು. 5 ಲಕ್ಷ ಹಣ ಸಾಲ ಮಾಡಿದ್ದು ಹಾಗೂ ತಾನೇ ಮಾಡಿಸಿದ ಕೋಟಿ ಇನ್ಶುರೆನ್ಸ್ ಹಣಕ್ಕಾಗಿ ಇಬ್ಬರಿಗೂ ಮದ್ಯದಲ್ಲಿ ಕೀಟನಾಶಕ ಬೆರೆಸಿ ಪೆಟ್ರೋಲ್ ಸುರಿದು ಬೆಂಕಿ ಹಚ್ಚಿರುವುದಾಗಿ ತಪ್ಪೊಪ್ಪಿಕೊಂಡಿದ್ದಾನೆ. ಇದೀಗ ಪ್ರಮೋದ್ ಪೊಲೀಸರ ವಶದಲ್ಲಿದ್ದು ತನಿಖೆ ಮುಂದುವರೆದಿದ್ದು, ಉಳಿದ ಅಪರಾಧಗಳಿಗಾಗಿ ಶೋಧ ನಡೆದಿದೆ.
